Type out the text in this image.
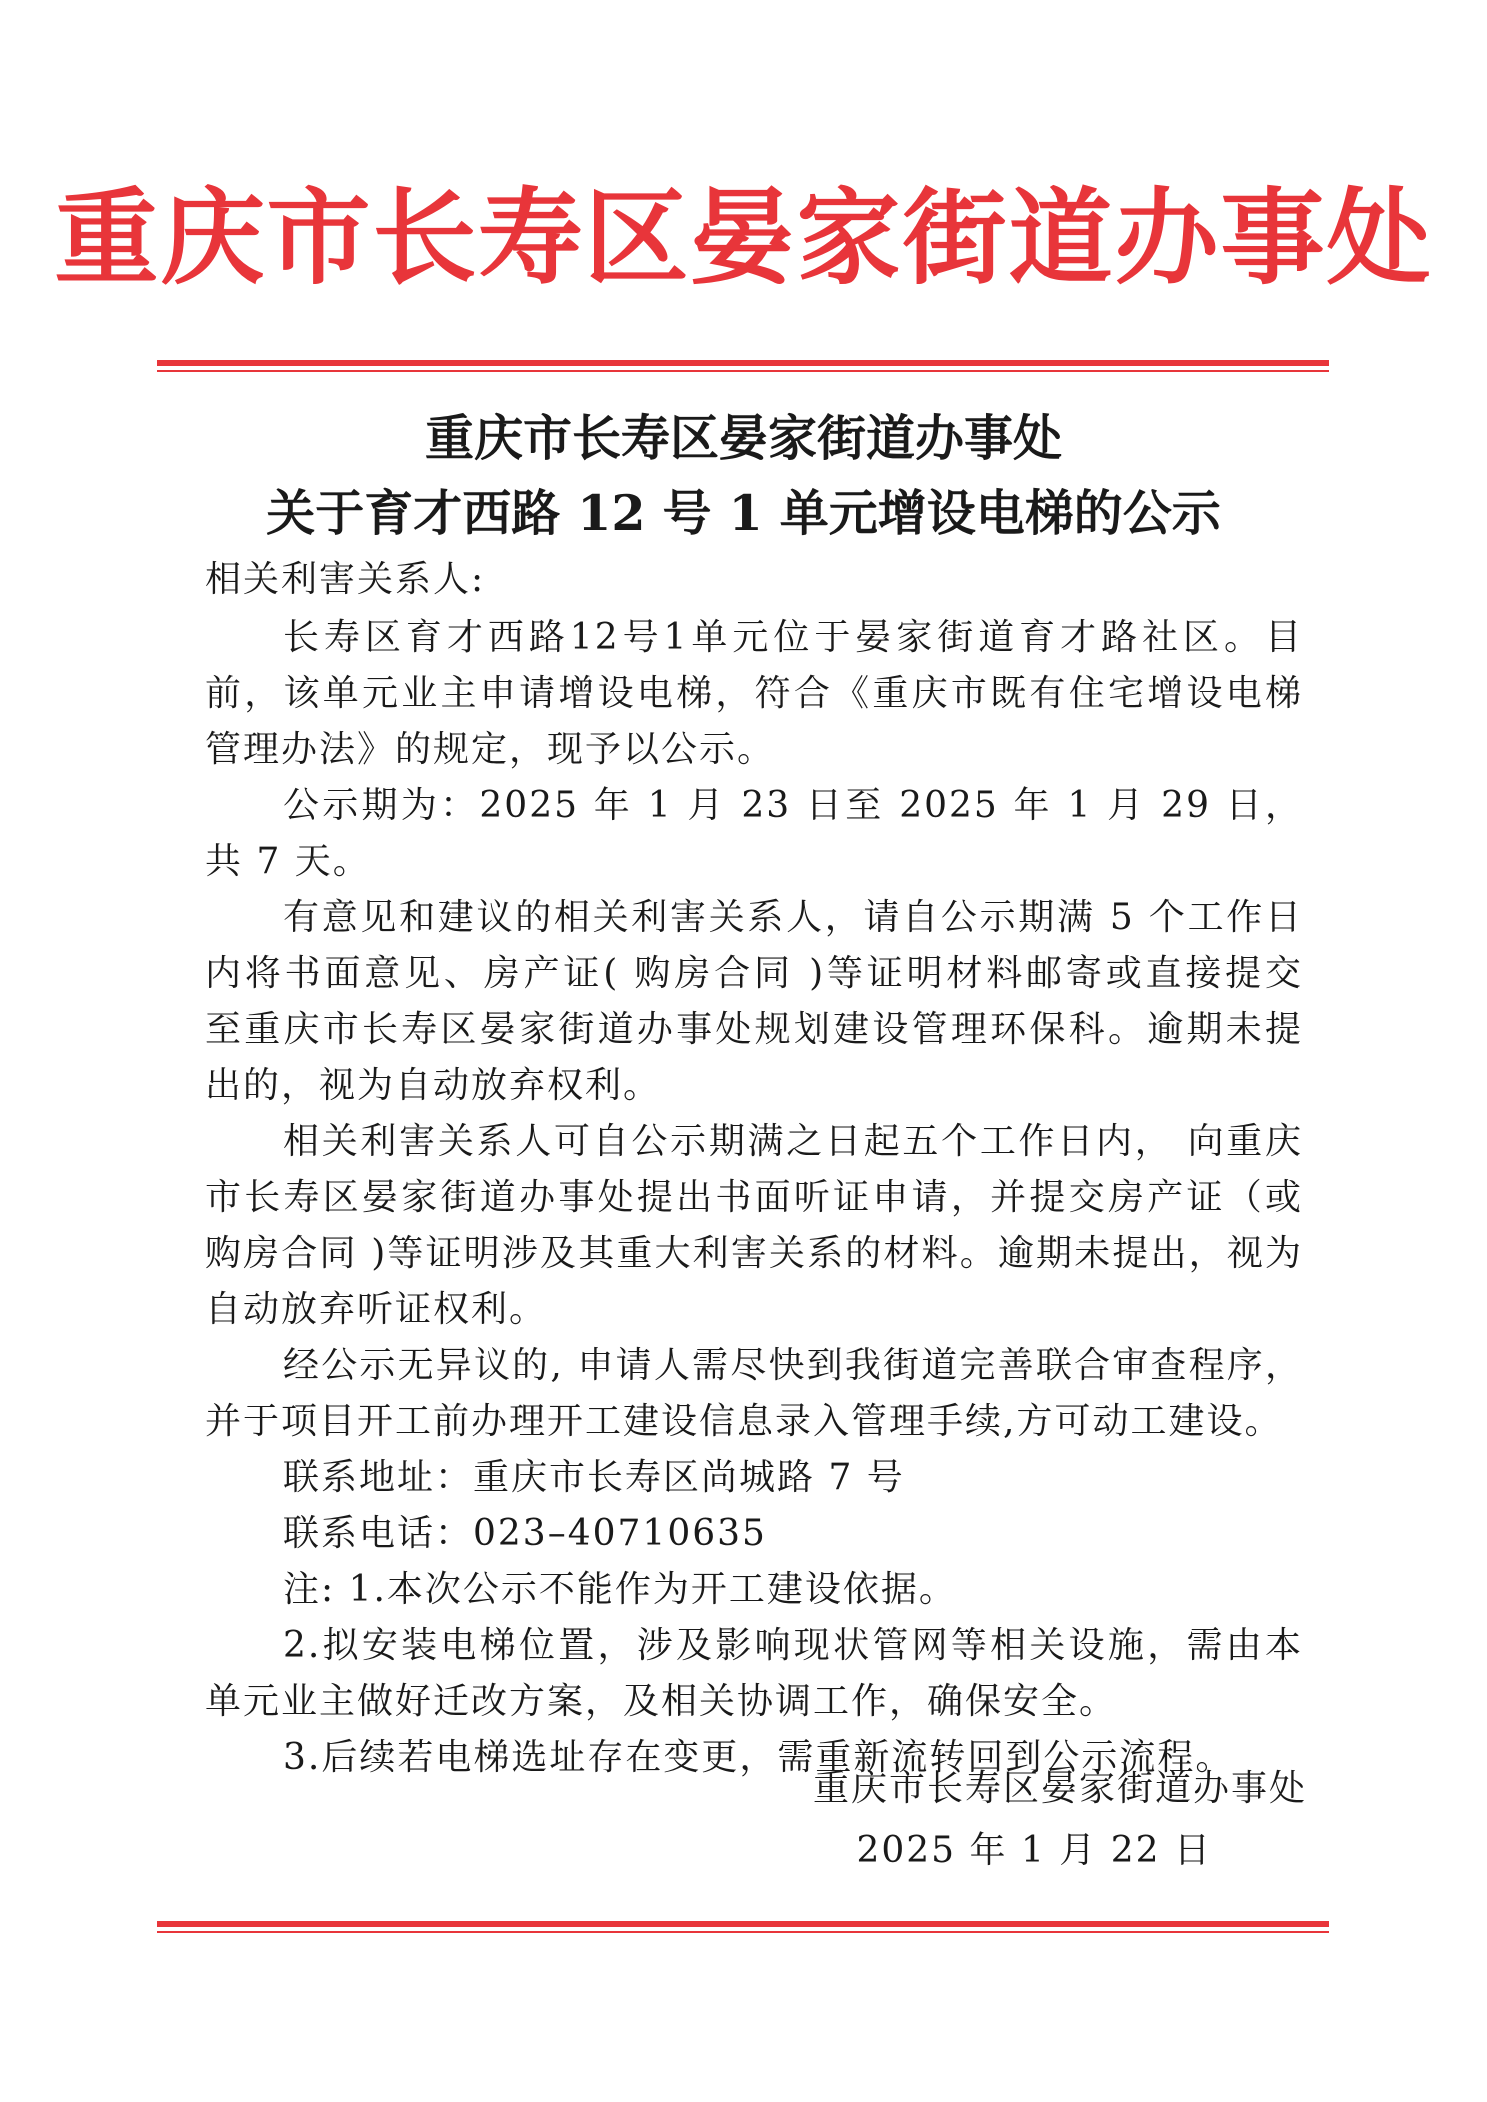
重庆市长寿区晏家街道办事处
重庆市长寿区晏家街道办事处
关于育才西路 12 号 1 单元增设电梯的公示

相关利害关系人:

长寿区育才西路12号1单元位于晏家街道育才路社区。目前，该单元业主申请增设电梯，符合《重庆市既有住宅增设电梯管理办法》的规定，现予以公示。

公示期为：2025 年 1 月 23 日至 2025 年 1 月 29 日，共 7 天。

有意见和建议的相关利害关系人，请自公示期满 5 个工作日内将书面意见、房产证( 购房合同 )等证明材料邮寄或直接提交 至重庆市长寿区晏家街道办事处规划建设管理环保科。逾期未提出的，视为自动放弃权利。

相关利害关系人可自公示期满之日起五个工作日内， 向重庆 市长寿区晏家街道办事处提出书面听证申请，并提交房产证（或 购房合同 )等证明涉及其重大利害关系的材料。逾期未提出，视为自动放弃听证权利。

经公示无异议的, 申请人需尽快到我街道完善联合审查程序，并于项目开工前办理开工建设信息录入管理手续,方可动工建设。

联系地址：重庆市长寿区尚城路 7 号

联系电话：023–40710635

注: 1.本次公示不能作为开工建设依据。

2.拟安装电梯位置，涉及影响现状管网等相关设施，需由本单元业主做好迁改方案，及相关协调工作，确保安全。

3.后续若电梯选址存在变更，需重新流转回到公示流程。

重庆市长寿区晏家街道办事处
2025 年 1 月 22 日
